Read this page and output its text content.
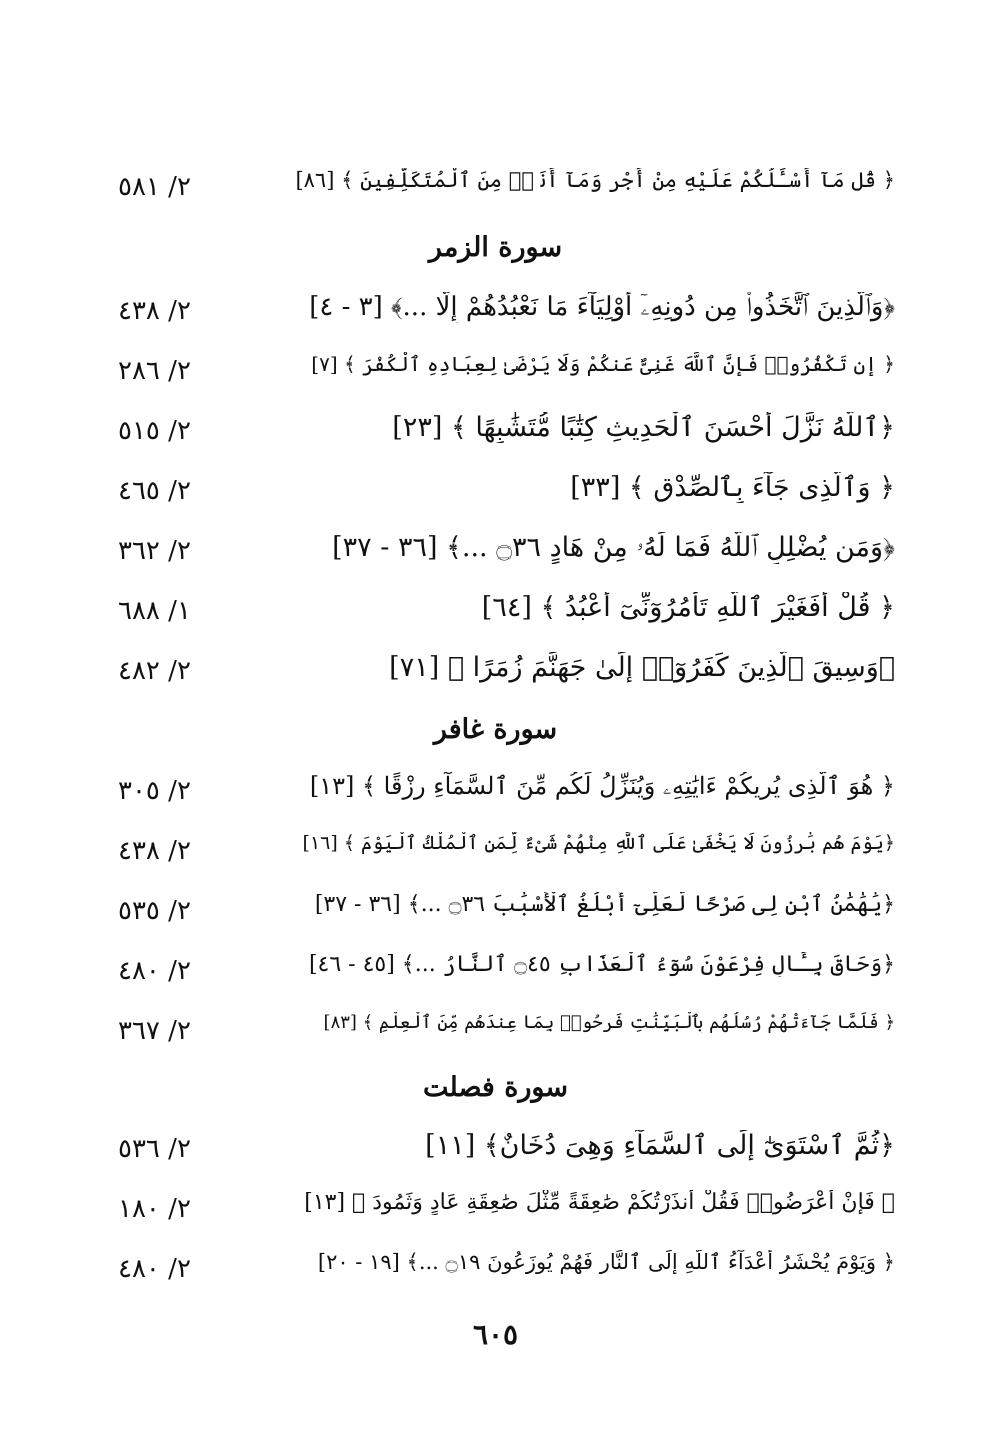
٢/ ٥٨١	﴿ قُل مَآ أَسْـَٔلُكُمْ عَلَيْهِ مِنْ أَجْرٍ وَمَآ أَنَا۠ مِنَ ٱلْمُتَكَلِّفِينَ ﴾ [٨٦]
سورة الزمر
٢/ ٤٣٨	﴿وَٱلَّذِينَ ٱتَّخَذُوا۟ مِن دُونِهِۦٓ أَوْلِيَآءَ مَا نَعْبُدُهُمْ إِلَّا ...﴾ [٣ - ٤]
٢/ ٢٨٦	﴿ إِن تَكْفُرُوا۟ فَإِنَّ ٱللَّهَ غَنِىٌّ عَنكُمْ وَلَا يَرْضَىٰ لِعِبَادِهِ ٱلْكُفْرَ ﴾ [٧]
٢/ ٥١٥	﴿ٱللَّهُ نَزَّلَ أَحْسَنَ ٱلْحَدِيثِ كِتَٰبًا مُّتَشَٰبِهًا ﴾ [٢٣]
٢/ ٤٦٥	﴿ وَٱلَّذِى جَآءَ بِٱلصِّدْقِ ﴾ [٣٣]
٢/ ٣٦٢	﴿وَمَن يُضْلِلِ ٱللَّهُ فَمَا لَهُۥ مِنْ هَادٍ ۝٣٦ ...﴾ [٣٦ - ٣٧]
١/ ٦٨٨	﴿ قُلْ أَفَغَيْرَ ٱللَّهِ تَأْمُرُوٓنِّىٓ أَعْبُدُ ﴾ [٦٤]
٢/ ٤٨٢	﴿وَسِيقَ ٱلَّذِينَ كَفَرُوٓا۟ إِلَىٰ جَهَنَّمَ زُمَرًا ﴾ [٧١]
سورة غافر
٢/ ٣٠٥	﴿ هُوَ ٱلَّذِى يُرِيكُمْ ءَايَٰتِهِۦ وَيُنَزِّلُ لَكُم مِّنَ ٱلسَّمَآءِ رِزْقًا ﴾ [١٣]
٢/ ٤٣٨	﴿يَوْمَ هُم بَٰرِزُونَ لَا يَخْفَىٰ عَلَى ٱللَّهِ مِنْهُمْ شَىْءٌ لِّمَنِ ٱلْمُلْكُ ٱلْيَوْمَ ﴾ [١٦]
٢/ ٥٣٥	﴿يَٰهَٰمَٰنُ ٱبْنِ لِى صَرْحًا لَّعَلِّىٓ أَبْلُغُ ٱلْأَسْبَٰبَ ۝٣٦ ...﴾ [٣٦ - ٣٧]
٢/ ٤٨٠	﴿وَحَاقَ بِـَٔالِ فِرْعَوْنَ سُوٓءُ ٱلْعَذَابِ ۝٤٥ ٱلنَّارُ ...﴾ [٤٥ - ٤٦]
٢/ ٣٦٧	﴿ فَلَمَّا جَآءَتْهُمْ رُسُلُهُم بِٱلْبَيِّنَٰتِ فَرِحُوا۟ بِمَا عِندَهُم مِّنَ ٱلْعِلْمِ ﴾ [٨٣]
سورة فصلت
٢/ ٥٣٦	﴿ثُمَّ ٱسْتَوَىٰٓ إِلَى ٱلسَّمَآءِ وَهِىَ دُخَانٌ﴾ [١١]
٢/ ١٨٠	﴿ فَإِنْ أَعْرَضُوا۟ فَقُلْ أَنذَرْتُكُمْ صَٰعِقَةً مِّثْلَ صَٰعِقَةِ عَادٍ وَثَمُودَ ﴾ [١٣]
٢/ ٤٨٠	﴿ وَيَوْمَ يُحْشَرُ أَعْدَآءُ ٱللَّهِ إِلَى ٱلنَّارِ فَهُمْ يُوزَعُونَ ۝١٩ ...﴾ [١٩ - ٢٠]
٦٠٥
